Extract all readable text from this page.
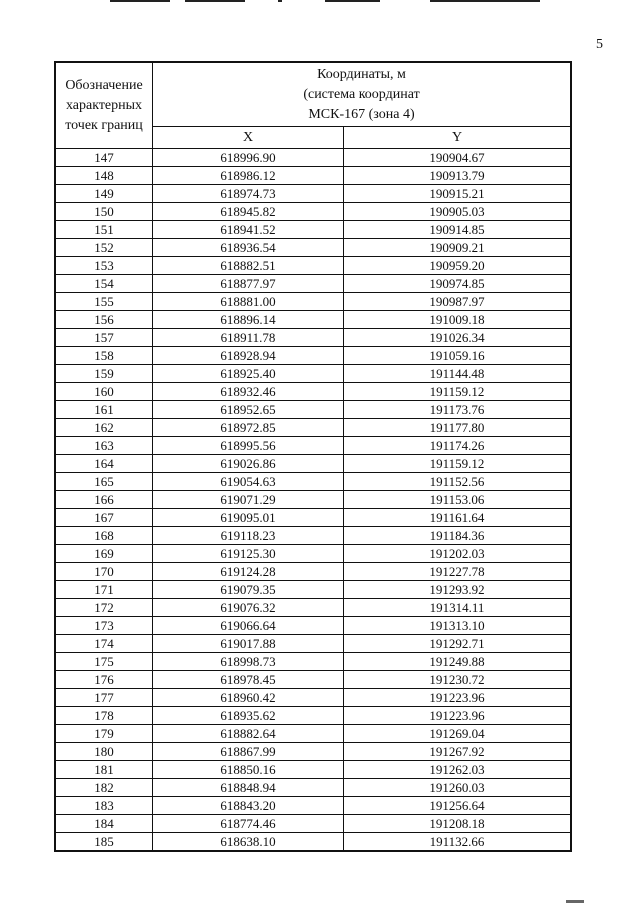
5
Обозначение
характерных
точек границ	Координаты, м
(система координат
МСК-167 (зона 4)	

	X	Y
147	618996.90	190904.67
148	618986.12	190913.79
149	618974.73	190915.21
150	618945.82	190905.03
151	618941.52	190914.85
152	618936.54	190909.21
153	618882.51	190959.20
154	618877.97	190974.85
155	618881.00	190987.97
156	618896.14	191009.18
157	618911.78	191026.34
158	618928.94	191059.16
159	618925.40	191144.48
160	618932.46	191159.12
161	618952.65	191173.76
162	618972.85	191177.80
163	618995.56	191174.26
164	619026.86	191159.12
165	619054.63	191152.56
166	619071.29	191153.06
167	619095.01	191161.64
168	619118.23	191184.36
169	619125.30	191202.03
170	619124.28	191227.78
171	619079.35	191293.92
172	619076.32	191314.11
173	619066.64	191313.10
174	619017.88	191292.71
175	618998.73	191249.88
176	618978.45	191230.72
177	618960.42	191223.96
178	618935.62	191223.96
179	618882.64	191269.04
180	618867.99	191267.92
181	618850.16	191262.03
182	618848.94	191260.03
183	618843.20	191256.64
184	618774.46	191208.18
185	618638.10	191132.66
